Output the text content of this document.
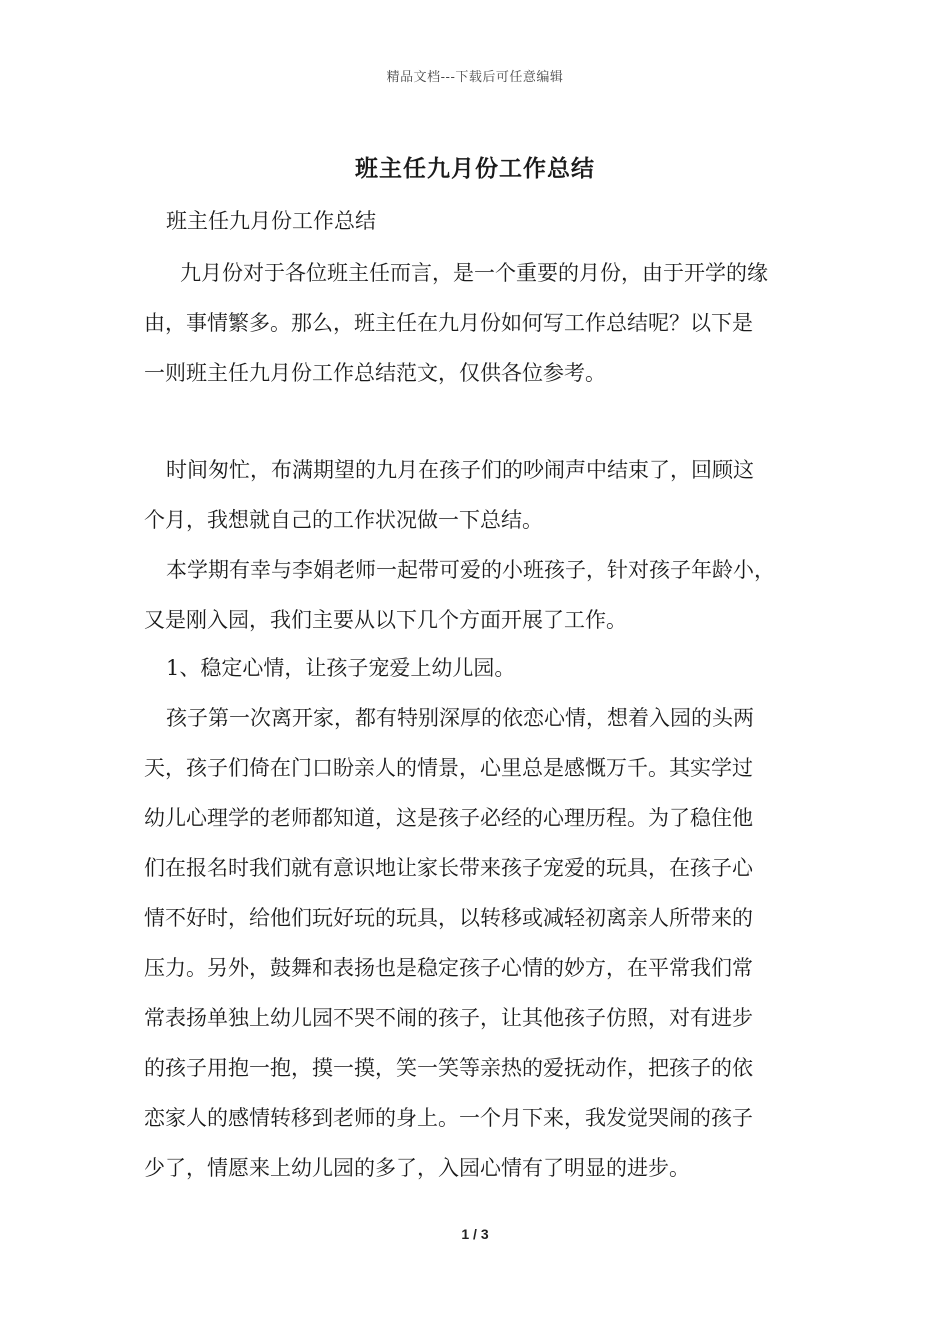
精品文档---下载后可任意编辑
班主任九月份工作总结
班主任九月份工作总结
九月份对于各位班主任而言，是一个重要的月份，由于开学的缘
由，事情繁多。那么，班主任在九月份如何写工作总结呢？以下是
一则班主任九月份工作总结范文，仅供各位参考。
时间匆忙，布满期望的九月在孩子们的吵闹声中结束了，回顾这
个月，我想就自己的工作状况做一下总结。
本学期有幸与李娟老师一起带可爱的小班孩子，针对孩子年龄小，
又是刚入园，我们主要从以下几个方面开展了工作。
1、稳定心情，让孩子宠爱上幼儿园。
孩子第一次离开家，都有特别深厚的依恋心情，想着入园的头两
天，孩子们倚在门口盼亲人的情景，心里总是感慨万千。其实学过
幼儿心理学的老师都知道，这是孩子必经的心理历程。为了稳住他
们在报名时我们就有意识地让家长带来孩子宠爱的玩具，在孩子心
情不好时，给他们玩好玩的玩具，以转移或减轻初离亲人所带来的
压力。另外，鼓舞和表扬也是稳定孩子心情的妙方，在平常我们常
常表扬单独上幼儿园不哭不闹的孩子，让其他孩子仿照，对有进步
的孩子用抱一抱，摸一摸，笑一笑等亲热的爱抚动作，把孩子的依
恋家人的感情转移到老师的身上。一个月下来，我发觉哭闹的孩子
少了，情愿来上幼儿园的多了，入园心情有了明显的进步。
1 / 3
